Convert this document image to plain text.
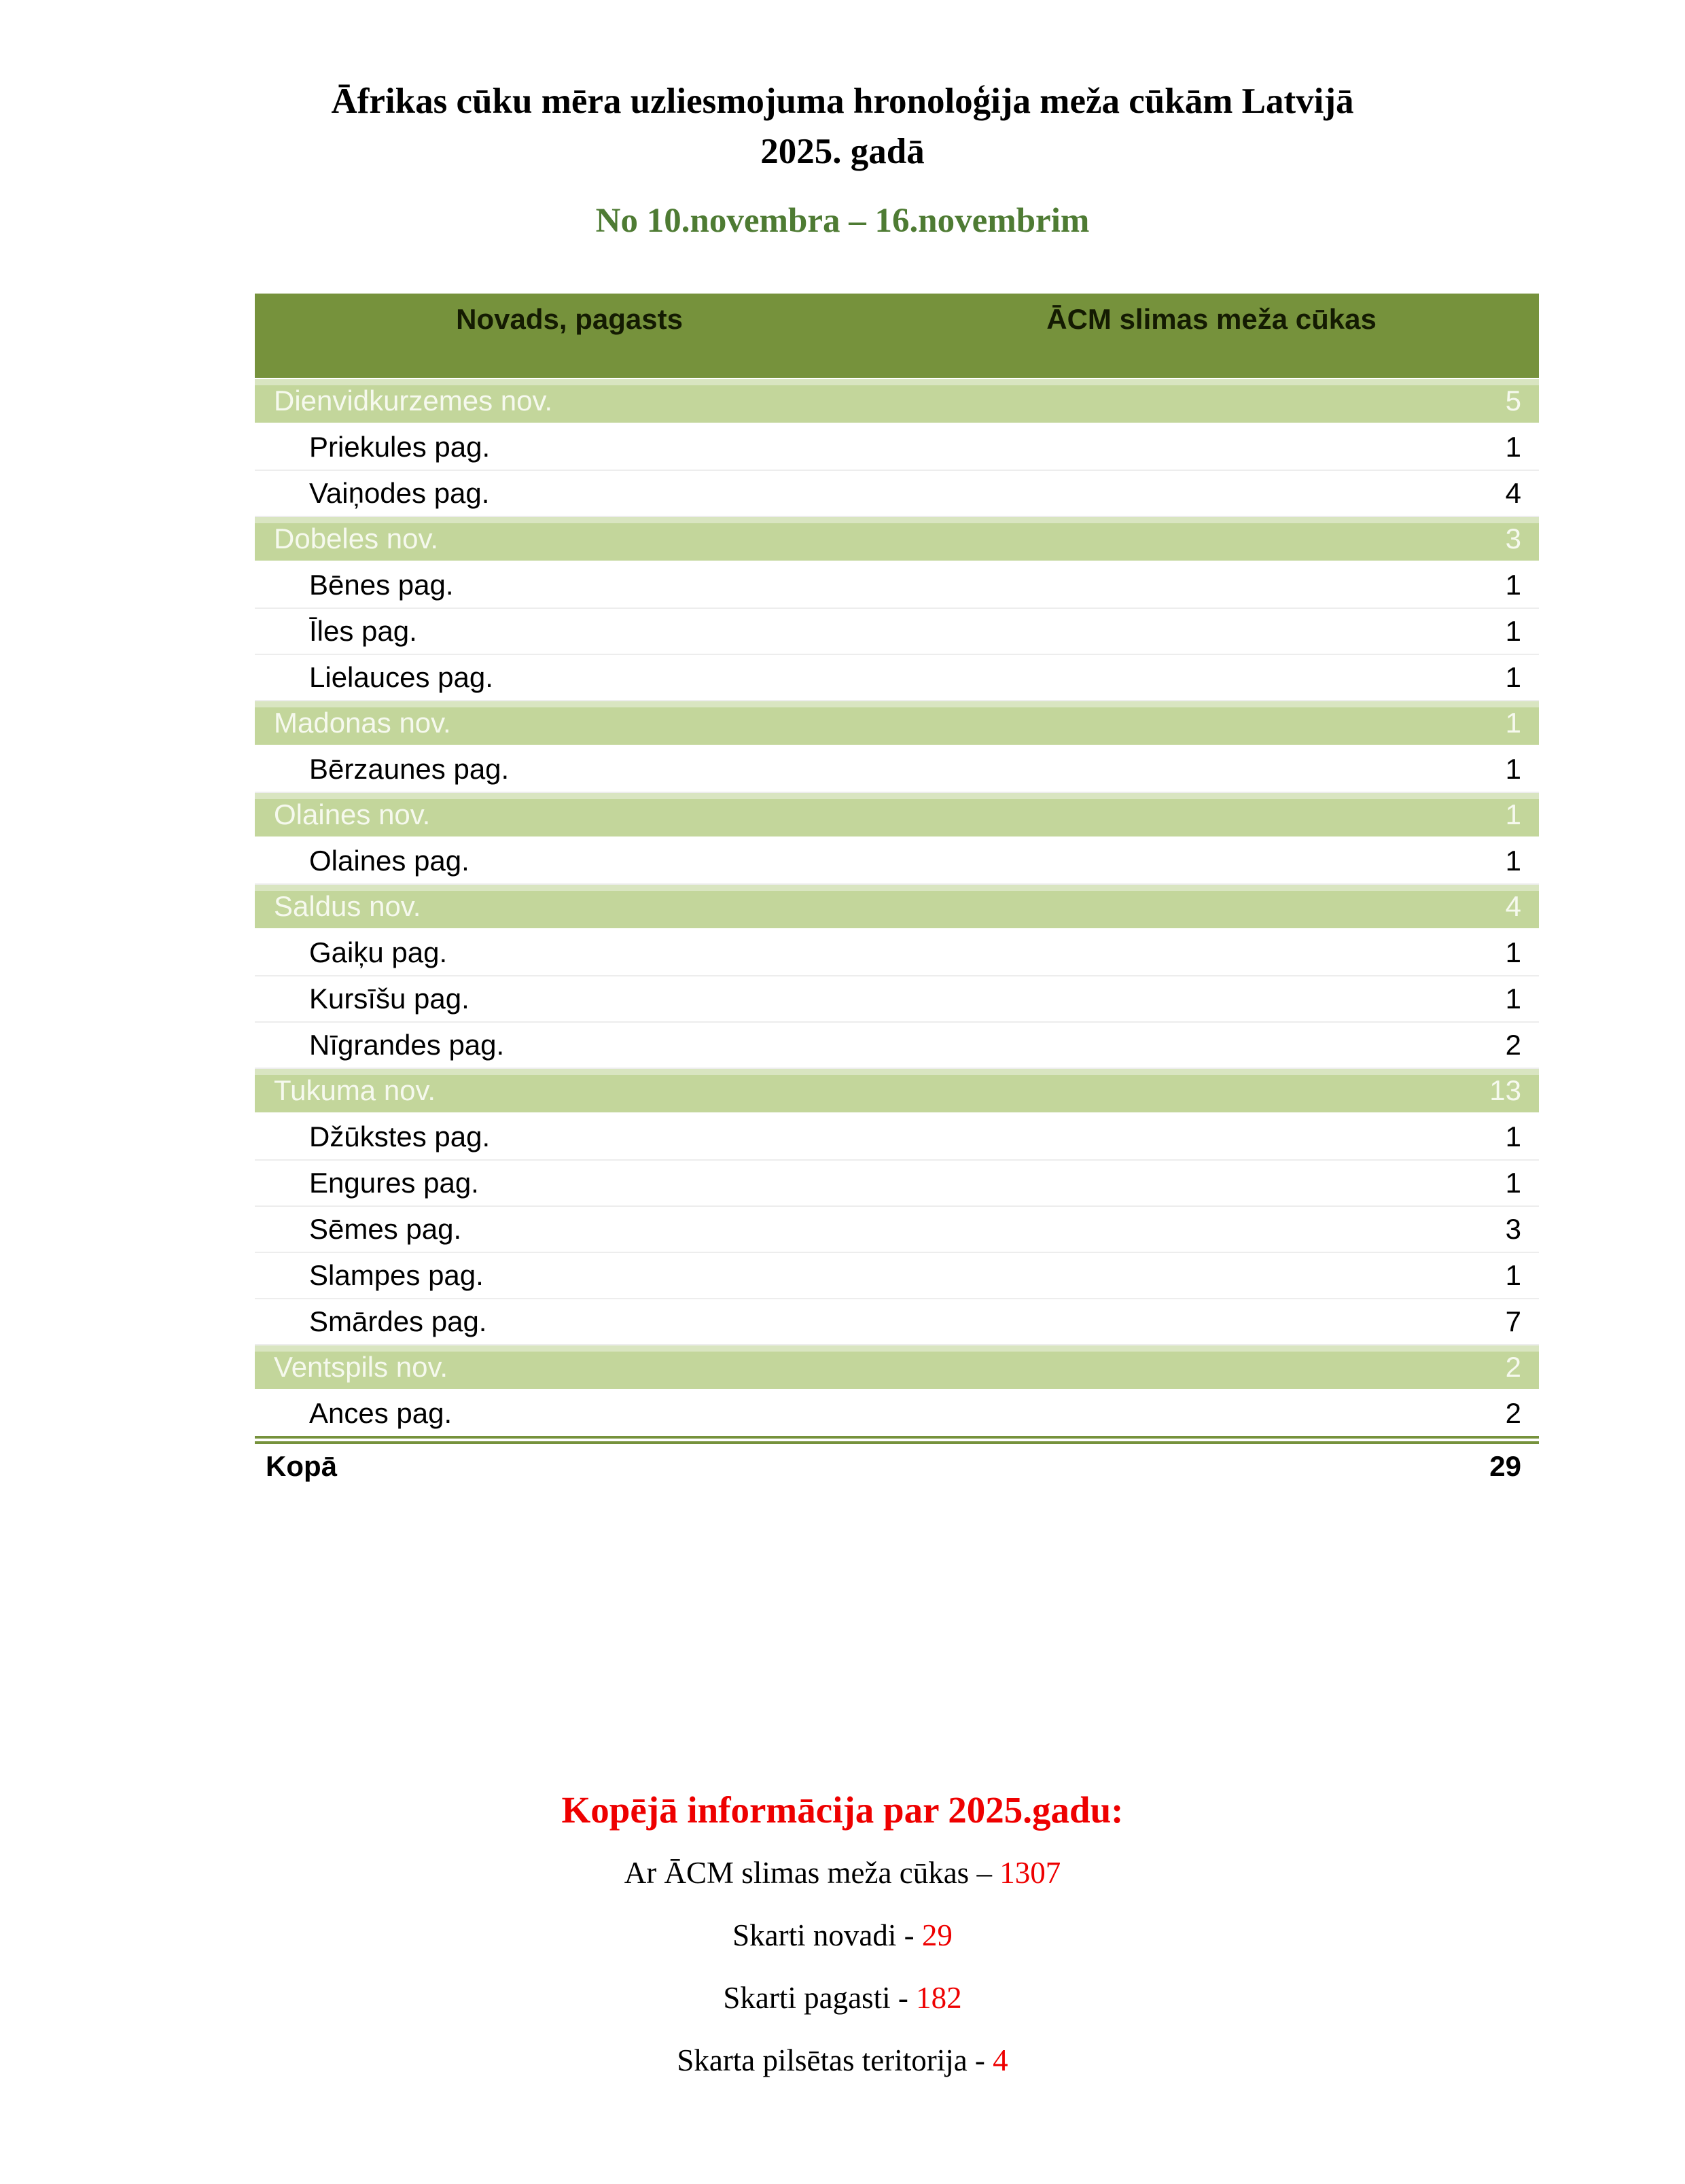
Āfrikas cūku mēra uzliesmojuma hronoloģija meža cūkām Latvijā
2025. gadā
No 10.novembra – 16.novembrim
Novads, pagasts	ĀCM slimas meža cūkas
Dienvidkurzemes nov.	5
Priekules pag.	1
Vaiņodes pag.	4
Dobeles nov.	3
Bēnes pag.	1
Īles pag.	1
Lielauces pag.	1
Madonas nov.	1
Bērzaunes pag.	1
Olaines nov.	1
Olaines pag.	1
Saldus nov.	4
Gaiķu pag.	1
Kursīšu pag.	1
Nīgrandes pag.	2
Tukuma nov.	13
Džūkstes pag.	1
Engures pag.	1
Sēmes pag.	3
Slampes pag.	1
Smārdes pag.	7
Ventspils nov.	2
Ances pag.	2
Kopā	29
Kopējā informācija par 2025.gadu:
Ar ĀCM slimas meža cūkas – 1307
Skarti novadi - 29
Skarti pagasti - 182
Skarta pilsētas teritorija - 4
